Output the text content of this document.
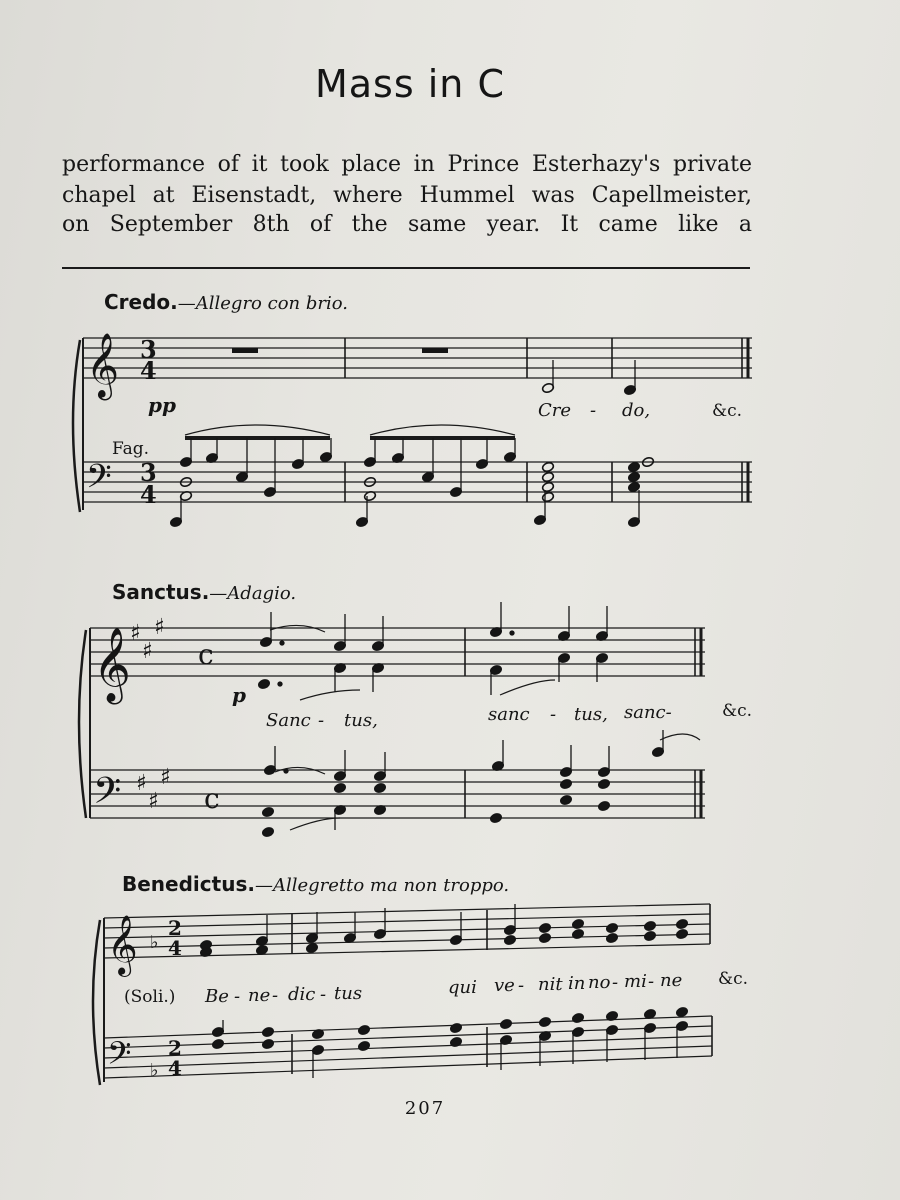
Mass in C
performance of it took place in Prince Esterhazy's private
chapel at Eisenstadt, where Hummel was Capellmeister,
on September 8th of the same year. It came like a
Credo.—Allegro con brio.
Sanctus.—Adagio.
Benedictus.—Allegretto ma non troppo.
𝄞
𝄢
3
4
3
4
𝄞
𝄢
♯
♯
♯
♯
♯
♯
c
c
𝄞
𝄢
♭
♭
2
4
2
4
pp
Fag.
Cre - do,	&c.
p
Sanc - tus,	sanc - tus, sanc-	&c.
(Soli.) Be - ne - dic - tus	qui ve - nit in no - mi - ne &c.
207
